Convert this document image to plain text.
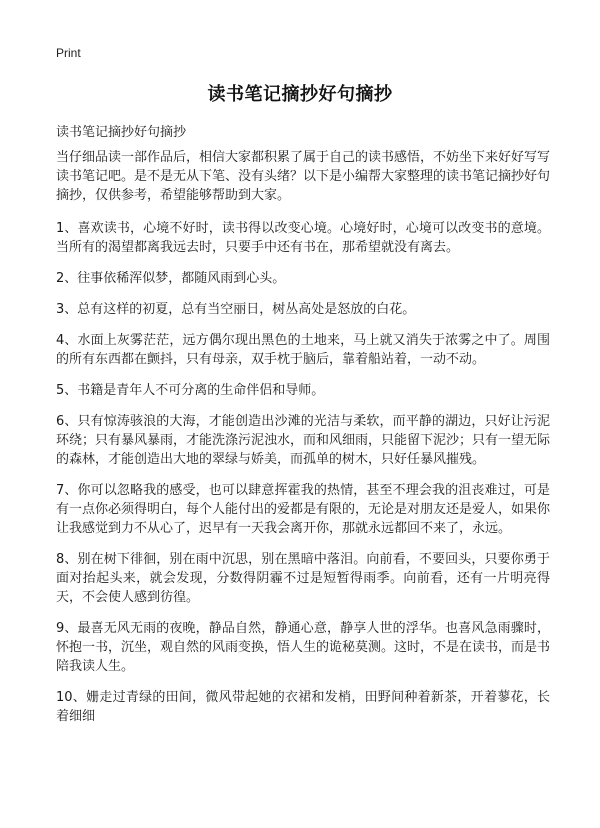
Print
读书笔记摘抄好句摘抄
读书笔记摘抄好句摘抄

当仔细品读一部作品后，相信大家都积累了属于自己的读书感悟，不妨坐下来好好写写读书笔记吧。是不是无从下笔、没有头绪？以下是小编帮大家整理的读书笔记摘抄好句摘抄，仅供参考，希望能够帮助到大家。

1、喜欢读书，心境不好时，读书得以改变心境。心境好时，心境可以改变书的意境。当所有的渴望都离我远去时，只要手中还有书在，那希望就没有离去。

2、往事依稀浑似梦，都随风雨到心头。

3、总有这样的初夏，总有当空丽日，树丛高处是怒放的白花。

4、水面上灰雾茫茫，远方偶尔现出黑色的土地来，马上就又消失于浓雾之中了。周围的所有东西都在颤抖，只有母亲，双手枕于脑后，靠着船站着，一动不动。

5、书籍是青年人不可分离的生命伴侣和导师。

6、只有惊涛骇浪的大海，才能创造出沙滩的光洁与柔软，而平静的湖边，只好让污泥环绕；只有暴风暴雨，才能洗涤污泥浊水，而和风细雨，只能留下泥沙；只有一望无际的森林，才能创造出大地的翠绿与娇美，而孤单的树木，只好任暴风摧残。

7、你可以忽略我的感受，也可以肆意挥霍我的热情，甚至不理会我的沮丧难过，可是有一点你必须得明白，每个人能付出的爱都是有限的，无论是对朋友还是爱人，如果你让我感觉到力不从心了，迟早有一天我会离开你，那就永远都回不来了，永远。

8、别在树下徘徊，别在雨中沉思，别在黑暗中落泪。向前看，不要回头，只要你勇于面对抬起头来，就会发现，分数得阴霾不过是短暂得雨季。向前看，还有一片明亮得天，不会使人感到彷徨。

9、最喜无风无雨的夜晚，静品自然，静通心意，静享人世的浮华。也喜风急雨骤时，怀抱一书，沉坐，观自然的风雨变换，悟人生的诡秘莫测。这时，不是在读书，而是书陪我读人生。

10、姗走过青绿的田间，微风带起她的衣裙和发梢，田野间种着新茶，开着蓼花，长着细细
